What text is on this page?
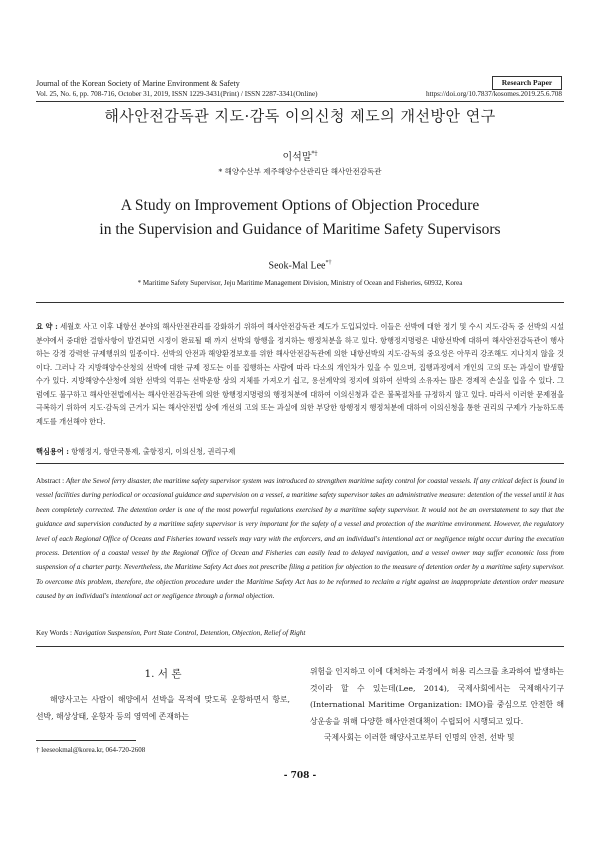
Journal of the Korean Society of Marine Environment & Safety	Research Paper
Vol. 25, No. 6, pp. 708-716, October 31, 2019, ISSN 1229-3431(Print) / ISSN 2287-3341(Online)	https://doi.org/10.7837/kosomes.2019.25.6.708
해사안전감독관 지도·감독 이의신청 제도의 개선방안 연구
이석말*†
* 해양수산부 제주해양수산관리단 해사안전감독관
A Study on Improvement Options of Objection Procedure
in the Supervision and Guidance of Maritime Safety Supervisors
Seok-Mal Lee*†
* Maritime Safety Supervisor, Jeju Maritime Management Division, Ministry of Ocean and Fisheries, 60932, Korea
요 약 : 세월호 사고 이후 내항선 분야의 해사안전관리를 강화하기 위하여 해사안전감독관 제도가 도입되었다. 이들은 선박에 대한 정기 및 수시 지도·감독 중 선박의 시설 분야에서 중대한 결함사항이 발견되면 시정이 완료될 때 까지 선박의 항행을 정지하는 행정처분을 하고 있다. 항행정지명령은 내항선박에 대하여 해사안전감독관이 행사하는 강경 강력한 규제행위의 일종이다. 선박의 안전과 해양환경보호를 위한 해사안전감독관에 의한 내항선박의 지도·감독의 중요성은 아무리 강조해도 지나치지 않을 것이다. 그러나 각 지방해양수산청의 선박에 대한 규제 정도는 이를 집행하는 사람에 따라 다소의 개인차가 있을 수 있으며, 집행과정에서 개인의 고의 또는 과실이 발생할 수가 있다. 지방해양수산청에 의한 선박의 억류는 선박운항 상의 지체를 가져오기 쉽고, 용선계약의 정지에 의하여 선박의 소유자는 많은 경제적 손실을 입을 수 있다. 그럼에도 불구하고 해사안전법에서는 해사안전감독관에 의한 항행정지명령의 행정처분에 대하여 이의신청과 같은 불복절차를 규정하지 않고 있다. 따라서 이러한 문제점을 극복하기 위하여 지도·감독의 근거가 되는 해사안전법 상에 개선의 고의 또는 과실에 의한 부당한 항행정지 행정처분에 대하여 이의신청을 통한 권리의 구제가 가능하도록 제도를 개선해야 한다.
핵심용어 : 항행정지, 항만국통제, 출항정지, 이의신청, 권리구제
Abstract : After the Sewol ferry disaster, the maritime safety supervisor system was introduced to strengthen maritime safety control for coastal vessels. If any critical defect is found in vessel facilities during periodical or occasional guidance and supervision on a vessel, a maritime safety supervisor takes an administrative measure: detention of the vessel until it has been completely corrected. The detention order is one of the most powerful regulations exercised by a maritime safety supervisor. It would not be an overstatement to say that the guidance and supervision conducted by a maritime safety supervisor is very important for the safety of a vessel and protection of the maritime environment. However, the regulatory level of each Regional Office of Oceans and Fisheries toward vessels may vary with the enforcers, and an individual's intentional act or negligence might occur during the execution process. Detention of a coastal vessel by the Regional Office of Ocean and Fisheries can easily lead to delayed navigation, and a vessel owner may suffer economic loss from suspension of a charter party. Nevertheless, the Maritime Safety Act does not prescribe filing a petition for objection to the measure of detention order by a maritime safety supervisor. To overcome this problem, therefore, the objection procedure under the Maritime Safety Act has to be reformed to reclaim a right against an inappropriate detention order measure caused by an individual's intentional act or negligence through a formal objection.
Key Words : Navigation Suspension, Port State Control, Detention, Objection, Relief of Right
1. 서 론
해양사고는 사람이 해양에서 선박을 목적에 맞도록 운항하면서 항로, 선박, 해상상태, 운항자 등의 영역에 존재하는
위험을 인지하고 이에 대처하는 과정에서 허용 리스크를 초과하여 발생하는 것이라 할 수 있는데(Lee, 2014), 국제사회에서는 국제해사기구(International Maritime Organization: IMO)를 중심으로 안전한 해상운송을 위해 다양한 해사안전대책이 수립되어 시행되고 있다.
국제사회는 이러한 해양사고로부터 인명의 안전, 선박 및
† leeseokmal@korea.kr, 064-720-2608
- 708 -
